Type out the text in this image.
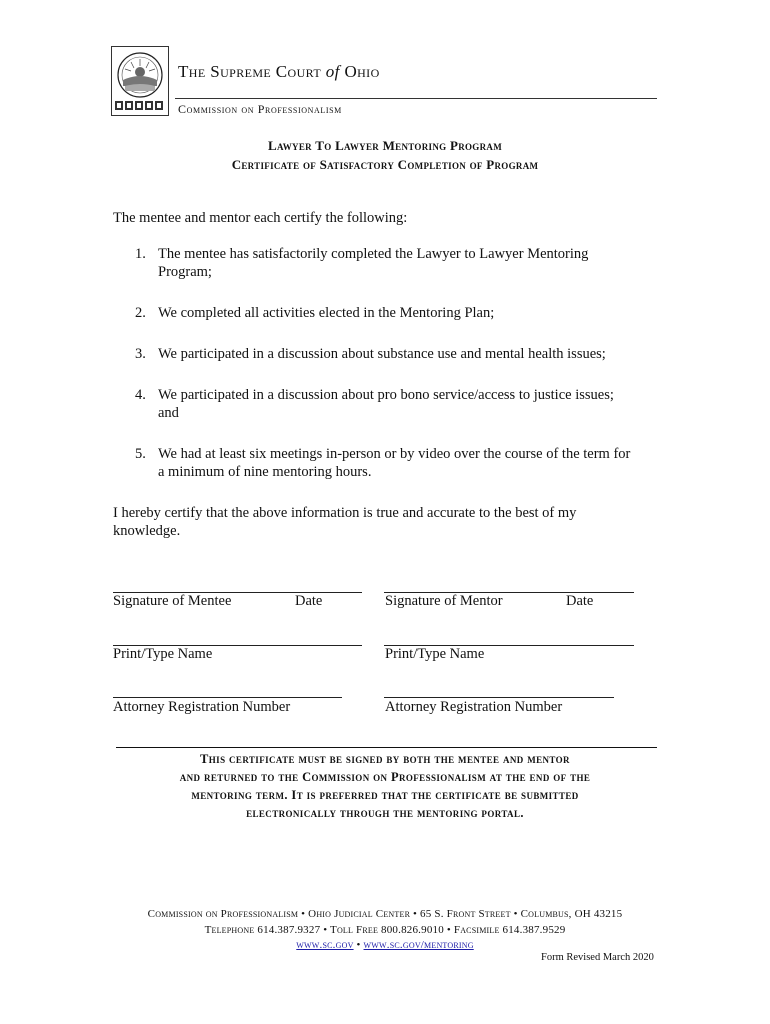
The Supreme Court of Ohio
Commission on Professionalism
Lawyer To Lawyer Mentoring Program
Certificate of Satisfactory Completion of Program
The mentee and mentor each certify the following:
1. The mentee has satisfactorily completed the Lawyer to Lawyer Mentoring
Program;
2. We completed all activities elected in the Mentoring Plan;
3. We participated in a discussion about substance use and mental health issues;
4. We participated in a discussion about pro bono service/access to justice issues;
and
5. We had at least six meetings in-person or by video over the course of the term for
a minimum of nine mentoring hours.
I hereby certify that the above information is true and accurate to the best of my
knowledge.
Signature of Mentee	Date	Signature of Mentor	Date
Print/Type Name	Print/Type Name
Attorney Registration Number	Attorney Registration Number
This certificate must be signed by both the mentee and mentor
and returned to the Commission on Professionalism at the end of the
mentoring term. It is preferred that the certificate be submitted
electronically through the mentoring portal.
Commission on Professionalism • Ohio Judicial Center • 65 S. Front Street • Columbus, OH 43215
Telephone 614.387.9327 • Toll Free 800.826.9010 • Facsimile 614.387.9529
www.sc.gov • www.sc.gov/mentoring
Form Revised March 2020
